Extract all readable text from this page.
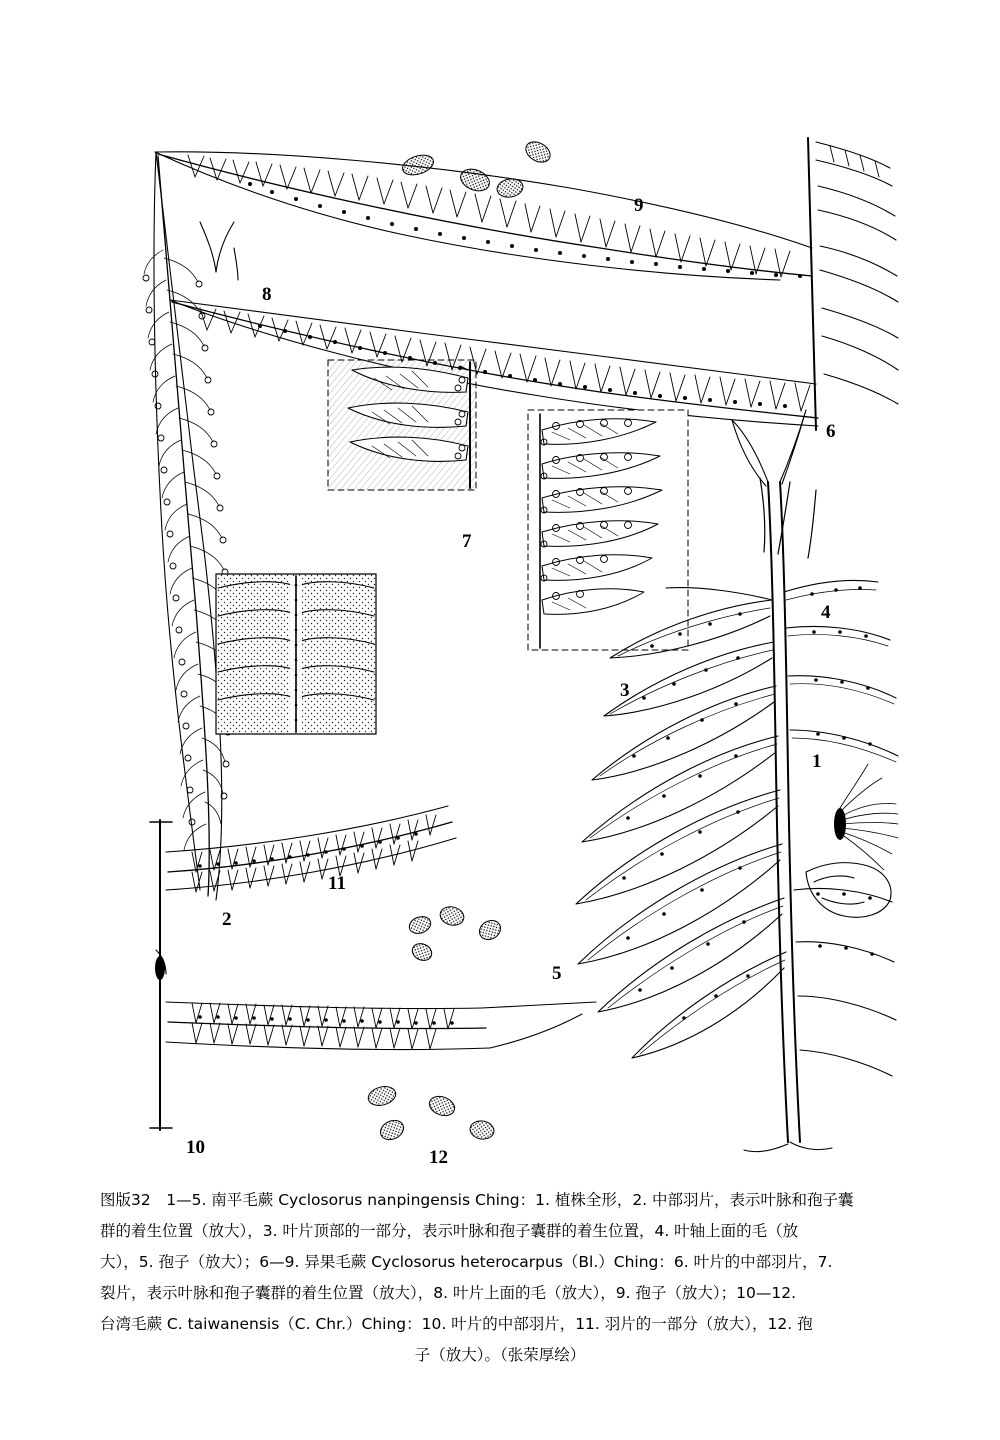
1
2
3
4
5
6
7
8
9
10
11
12
图版32　1—5. 南平毛蕨 Cyclosorus nanpingensis Ching：1. 植株全形，2. 中部羽片，表示叶脉和孢子囊
群的着生位置（放大），3. 叶片顶部的一部分，表示叶脉和孢子囊群的着生位置，4. 叶轴上面的毛（放
大），5. 孢子（放大）；6—9. 异果毛蕨 Cyclosorus heterocarpus（Bl.）Ching：6. 叶片的中部羽片，7.
裂片，表示叶脉和孢子囊群的着生位置（放大），8. 叶片上面的毛（放大），9. 孢子（放大）；10—12.
台湾毛蕨 C. taiwanensis（C. Chr.）Ching：10. 叶片的中部羽片，11. 羽片的一部分（放大），12. 孢
子（放大）。（张荣厚绘）
